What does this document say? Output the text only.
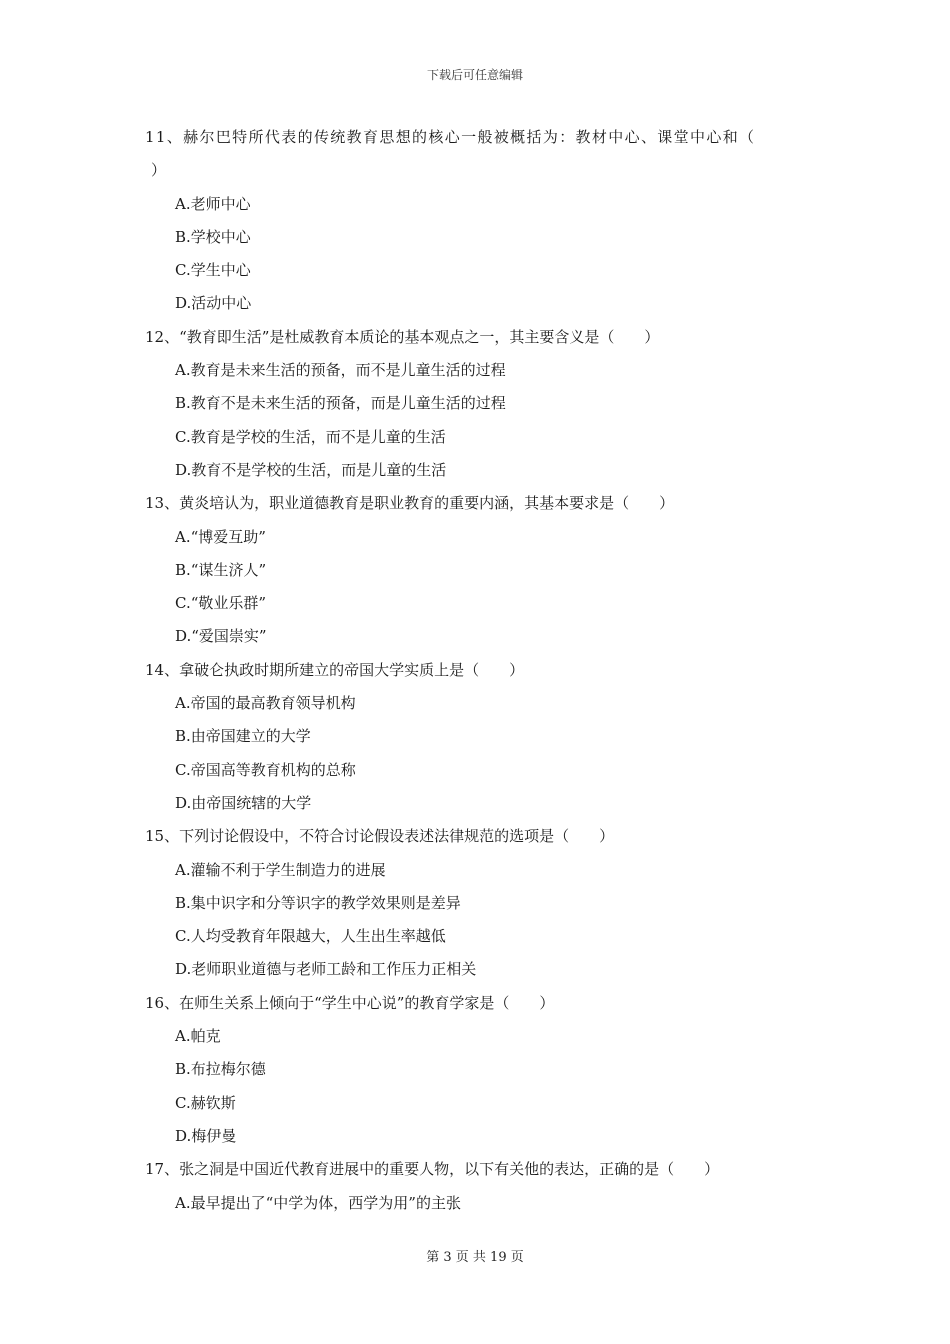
下载后可任意编辑
11、赫尔巴特所代表的传统教育思想的核心一般被概括为：教材中心、课堂中心和（
）
A.老师中心
B.学校中心
C.学生中心
D.活动中心
12、“教育即生活”是杜威教育本质论的基本观点之一，其主要含义是（　　）
A.教育是未来生活的预备，而不是儿童生活的过程
B.教育不是未来生活的预备，而是儿童生活的过程
C.教育是学校的生活，而不是儿童的生活
D.教育不是学校的生活，而是儿童的生活
13、黄炎培认为，职业道德教育是职业教育的重要内涵，其基本要求是（　　）
A.“博爱互助”
B.“谋生济人”
C.“敬业乐群”
D.“爱国崇实”
14、拿破仑执政时期所建立的帝国大学实质上是（　　）
A.帝国的最高教育领导机构
B.由帝国建立的大学
C.帝国高等教育机构的总称
D.由帝国统辖的大学
15、下列讨论假设中，不符合讨论假设表述法律规范的选项是（　　）
A.灌输不利于学生制造力的进展
B.集中识字和分等识字的教学效果则是差异
C.人均受教育年限越大，人生出生率越低
D.老师职业道德与老师工龄和工作压力正相关
16、在师生关系上倾向于“学生中心说”的教育学家是（　　）
A.帕克
B.布拉梅尔德
C.赫钦斯
D.梅伊曼
17、张之洞是中国近代教育进展中的重要人物，以下有关他的表达，正确的是（　　）
A.最早提出了“中学为体，西学为用”的主张
第 3 页 共 19 页
